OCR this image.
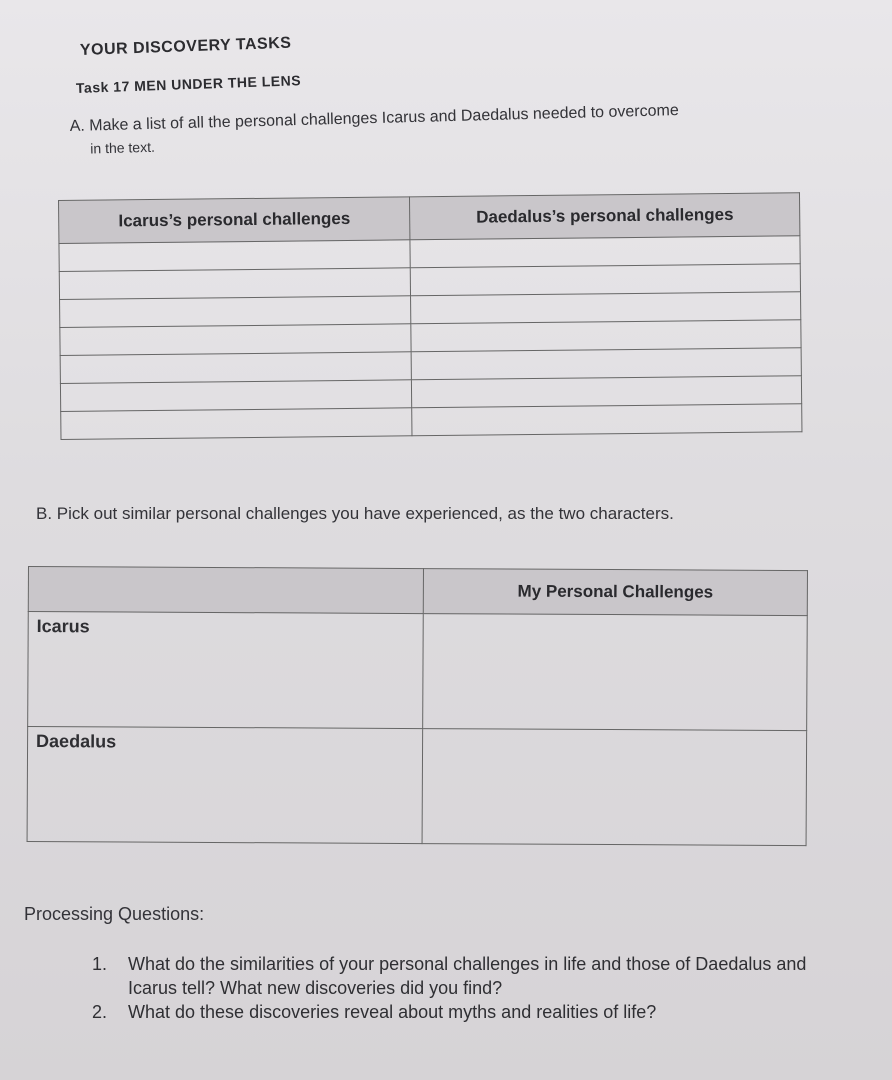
YOUR DISCOVERY TASKS
Task 17 MEN UNDER THE LENS
A. Make a list of all the personal challenges Icarus and Daedalus needed to overcome
in the text.
Icarus’s personal challenges	Daedalus’s personal challenges

B. Pick out similar personal challenges you have experienced, as the two characters.
	My Personal Challenges
Icarus	
Daedalus	
Processing Questions:
1.	What do the similarities of your personal challenges in life and those of Daedalus and Icarus tell? What new discoveries did you find?
2.	What do these discoveries reveal about myths and realities of life?
